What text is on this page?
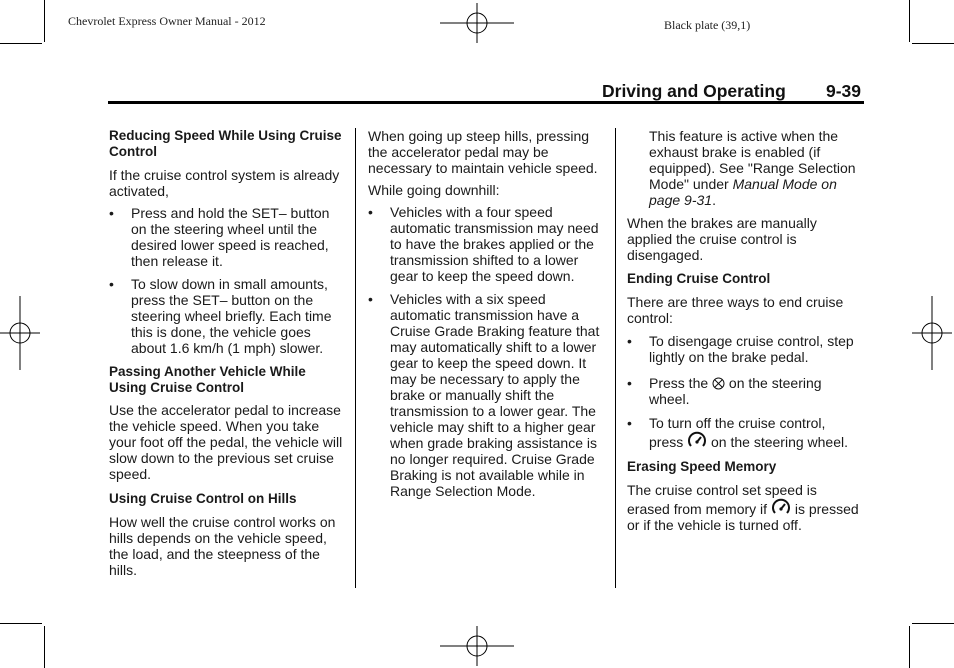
Chevrolet Express Owner Manual - 2012	Black plate (39,1)
Driving and Operating 9-39

Reducing Speed While Using Cruise Control

If the cruise control system is already activated,

• Press and hold the SET– button on the steering wheel until the desired lower speed is reached, then release it.
• To slow down in small amounts, press the SET– button on the steering wheel briefly. Each time this is done, the vehicle goes about 1.6 km/h (1 mph) slower.

Passing Another Vehicle While Using Cruise Control

Use the accelerator pedal to increase the vehicle speed. When you take your foot off the pedal, the vehicle will slow down to the previous set cruise speed.

Using Cruise Control on Hills

How well the cruise control works on hills depends on the vehicle speed, the load, and the steepness of the hills.

When going up steep hills, pressing the accelerator pedal may be necessary to maintain vehicle speed.

While going downhill:

• Vehicles with a four speed automatic transmission may need to have the brakes applied or the transmission shifted to a lower gear to keep the speed down.
• Vehicles with a six speed automatic transmission have a Cruise Grade Braking feature that may automatically shift to a lower gear to keep the speed down. It may be necessary to apply the brake or manually shift the transmission to a lower gear. The vehicle may shift to a higher gear when grade braking assistance is no longer required. Cruise Grade Braking is not available while in Range Selection Mode.

This feature is active when the exhaust brake is enabled (if equipped). See "Range Selection Mode" under Manual Mode on page 9-31.

When the brakes are manually applied the cruise control is disengaged.

Ending Cruise Control

There are three ways to end cruise control:

• To disengage cruise control, step lightly on the brake pedal.
• Press the on the steering wheel.
• To turn off the cruise control, press on the steering wheel.

Erasing Speed Memory

The cruise control set speed is erased from memory if is pressed or if the vehicle is turned off.
